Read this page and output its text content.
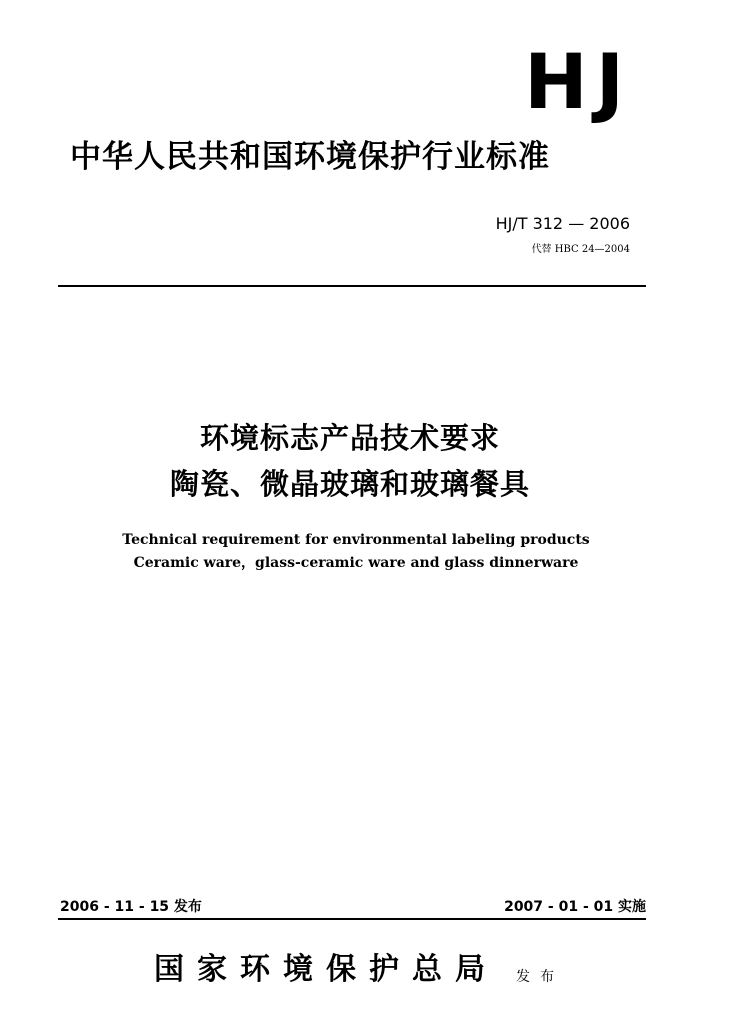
HJ
中华人民共和国环境保护行业标准
HJ/T 312 — 2006
代替 HBC 24—2004
环境标志产品技术要求
陶瓷、微晶玻璃和玻璃餐具
Technical requirement for environmental labeling products
Ceramic ware，glass-ceramic ware and glass dinnerware
2006 - 11 - 15 发布	2007 - 01 - 01 实施
国家环境保护总局 发布
